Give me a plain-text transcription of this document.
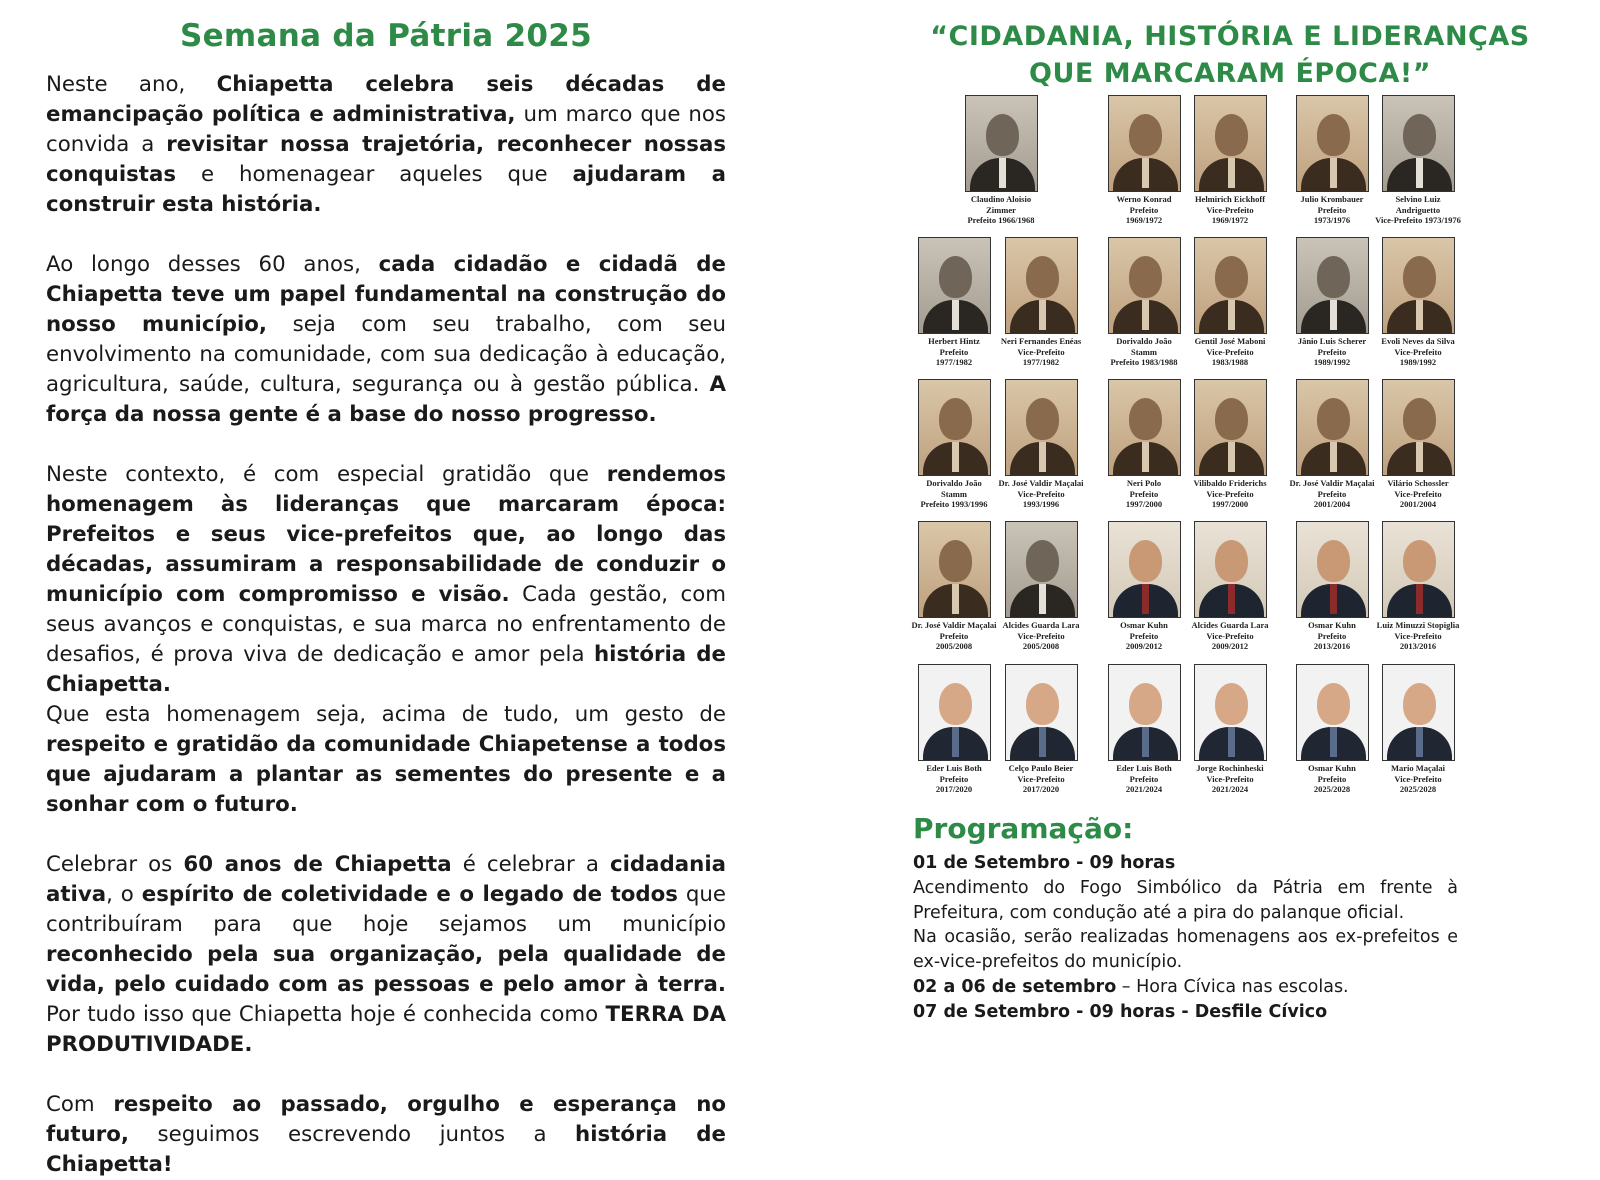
Semana da Pátria 2025

Neste ano, Chiapetta celebra seis décadas de emancipação política e administrativa, um marco que nos convida a revisitar nossa trajetória, reconhecer nossas conquistas e homenagear aqueles que ajudaram a construir esta história.

Ao longo desses 60 anos, cada cidadão e cidadã de Chiapetta teve um papel fundamental na construção do nosso município, seja com seu trabalho, com seu envolvimento na comunidade, com sua dedicação à educação, agricultura, saúde, cultura, segurança ou à gestão pública. A força da nossa gente é a base do nosso progresso.

Neste contexto, é com especial gratidão que rendemos homenagem às lideranças que marcaram época: Prefeitos e seus vice-prefeitos que, ao longo das décadas, assumiram a responsabilidade de conduzir o município com compromisso e visão. Cada gestão, com seus avanços e conquistas, e sua marca no enfrentamento de desafios, é prova viva de dedicação e amor pela história de Chiapetta.

Que esta homenagem seja, acima de tudo, um gesto de respeito e gratidão da comunidade Chiapetense a todos que ajudaram a plantar as sementes do presente e a sonhar com o futuro.

Celebrar os 60 anos de Chiapetta é celebrar a cidadania ativa, o espírito de coletividade e o legado de todos que contribuíram para que hoje sejamos um município reconhecido pela sua organização, pela qualidade de vida, pelo cuidado com as pessoas e pelo amor à terra. Por tudo isso que Chiapetta hoje é conhecida como TERRA DA PRODUTIVIDADE.

Com respeito ao passado, orgulho e esperança no futuro, seguimos escrevendo juntos a história de Chiapetta!

“CIDADANIA, HISTÓRIA E LIDERANÇAS

QUE MARCARAM ÉPOCA!”

Claudino Aloisio
Zimmer
Prefeito 1966/1968
Werno Konrad
Prefeito
1969/1972
Helmirich Eickhoff
Vice-Prefeito
1969/1972
Julio Krombauer
Prefeito
1973/1976
Selvino Luiz
Andriguetto
Vice-Prefeito 1973/1976
Herbert Hintz
Prefeito
1977/1982
Neri Fernandes Enéas
Vice-Prefeito
1977/1982
Dorivaldo João
Stamm
Prefeito 1983/1988
Gentil José Maboni
Vice-Prefeito
1983/1988
Jânio Luis Scherer
Prefeito
1989/1992
Evoli Neves da Silva
Vice-Prefeito
1989/1992
Dorivaldo João
Stamm
Prefeito 1993/1996
Dr. José Valdir Maçalai
Vice-Prefeito
1993/1996
Neri Polo
Prefeito
1997/2000
Vilibaldo Friderichs
Vice-Prefeito
1997/2000
Dr. José Valdir Maçalai
Prefeito
2001/2004
Vilário Schossler
Vice-Prefeito
2001/2004
Dr. José Valdir Maçalai
Prefeito
2005/2008
Alcides Guarda Lara
Vice-Prefeito
2005/2008
Osmar Kuhn
Prefeito
2009/2012
Alcides Guarda Lara
Vice-Prefeito
2009/2012
Osmar Kuhn
Prefeito
2013/2016
Luiz Minuzzi Stopiglia
Vice-Prefeito
2013/2016
Eder Luis Both
Prefeito
2017/2020
Celço Paulo Beier
Vice-Prefeito
2017/2020
Eder Luis Both
Prefeito
2021/2024
Jorge Rochinheski
Vice-Prefeito
2021/2024
Osmar Kuhn
Prefeito
2025/2028
Mario Maçalai
Vice-Prefeito
2025/2028
Programação:

01 de Setembro - 09 horas

Acendimento do Fogo Simbólico da Pátria em frente à Prefeitura, com condução até a pira do palanque oficial.

Na ocasião, serão realizadas homenagens aos ex-prefeitos e ex-vice-prefeitos do município.

02 a 06 de setembro – Hora Cívica nas escolas.

07 de Setembro - 09 horas - Desfile Cívico
